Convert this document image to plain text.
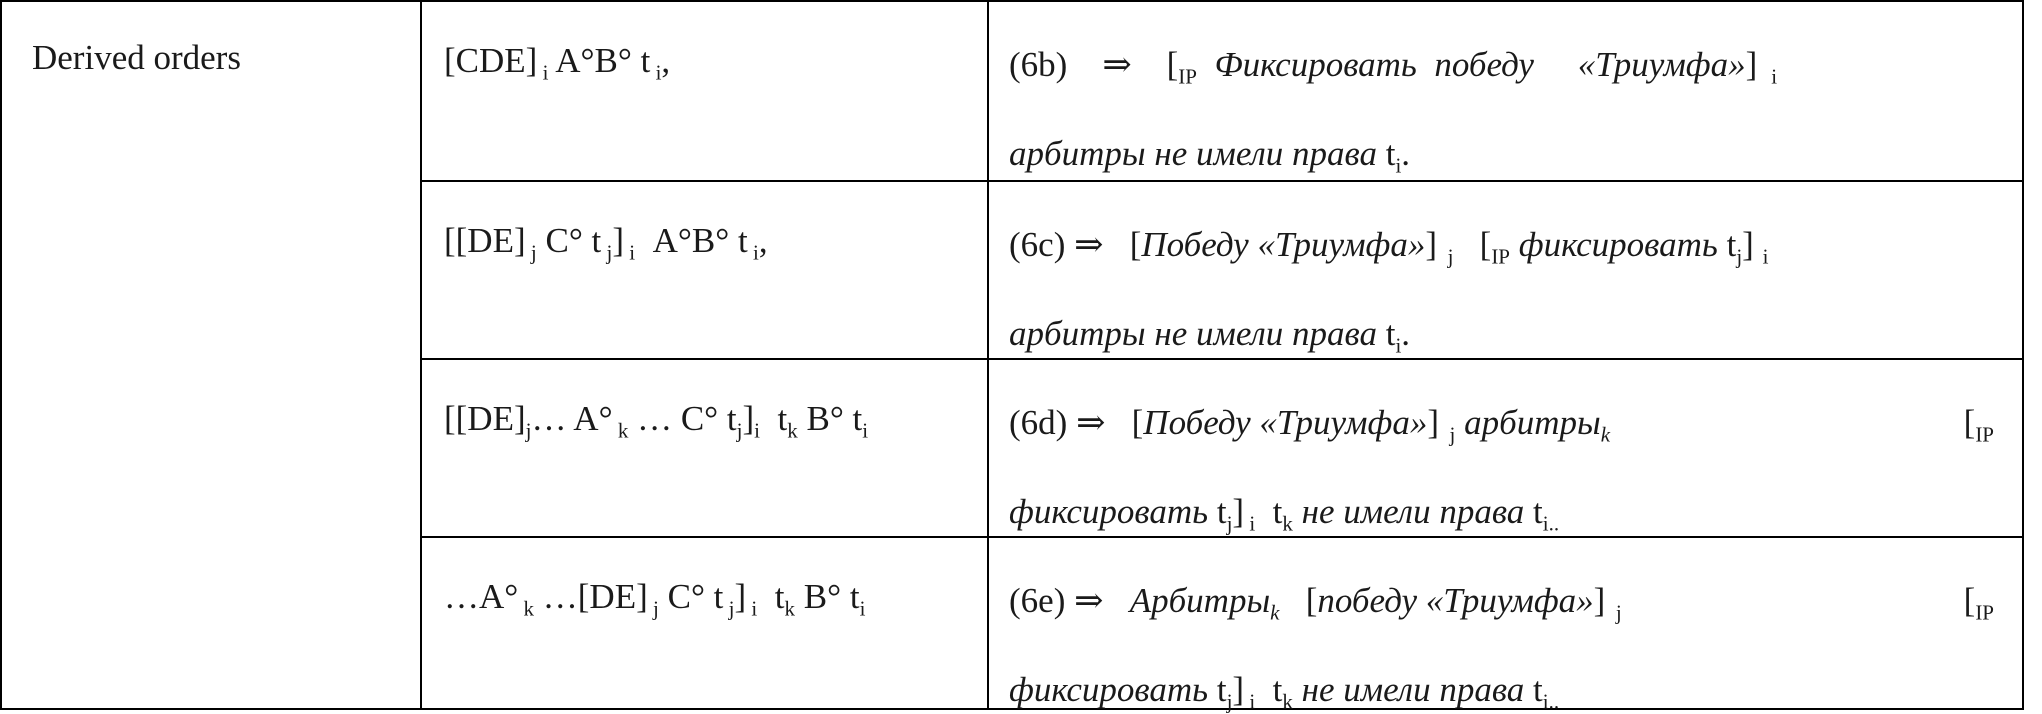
Derived orders	[CDE] $_i$ A°B° t $_i$,	(6b)    ⇒    [$_{IP}$ Фиксировать  победу     «Триумфа»]  $_i$
арбитры не имели права $t_i$.

	[[DE] $_j$ C° t $_j$] $_i$  A°B° t $_i$,	(6c) ⇒   [Победу «Триумфа»]  $_j$   [$_{IP}$ фиксировать $t_j$] $_i$
арбитры не имели права $t_i$.

	[$[DE]_j\dots$ A° $_k$ … C° $t_j]_i$  $t_k$ B° $t_i$	(6d) ⇒   [Победу «Триумфа»]  $_j$ арбитры$_k$ [$_{IP}$
фиксировать $t_j$] $_i$  $t_k$ не имели права $t_{i..}$

	…A° $_k$ …[DE] $_j$ C° t $_j$] $_i$  $t_k$ B° $t_i$	(6e) ⇒ Арбитры$_k$   [победу «Триумфа»]  $_j$ [$_{IP}$
фиксировать $t_j$] $_i$  $t_k$ не имели права $t_{i..}$
